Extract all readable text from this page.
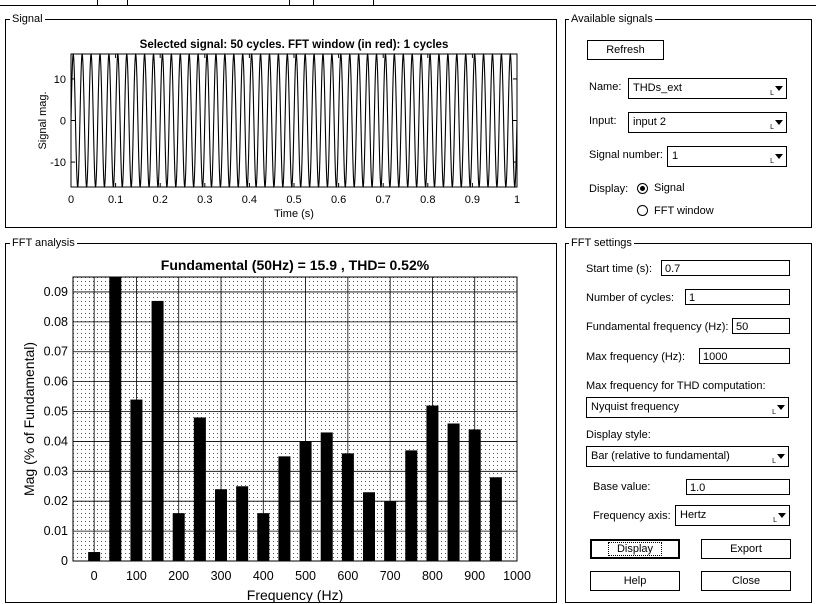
Signal
Selected signal: 50 cycles. FFT window (in red): 1 cycles
0	0.1	0.2	0.3	0.4	0.5	0.6	0.7	0.8	0.9	1
-10
0
10
Time (s)
Signal mag.
FFT analysis
Fundamental (50Hz) = 15.9 , THD= 0.52%
0 100 200 300 400 500 600 700 800 900 1000
0
0.01
0.02
0.03
0.04
0.05
0.06
0.07
0.08
0.09
Frequency (Hz)
Mag (% of Fundamental)
Available signals
Refresh
Name:	THDs_ext	L
Input:	input 2	L
Signal number: 1	L
Display: Signal
FFT window
FFT settings
Start time (s):	0.7
Number of cycles:	1
Fundamental frequency (Hz): 50
Max frequency (Hz):	1000
Max frequency for THD computation:
Nyquist frequency	L
Display style:
Bar (relative to fundamental)	L
Base value:	1.0
Frequency axis: Hertz	L
Display	Export
Help	Close
